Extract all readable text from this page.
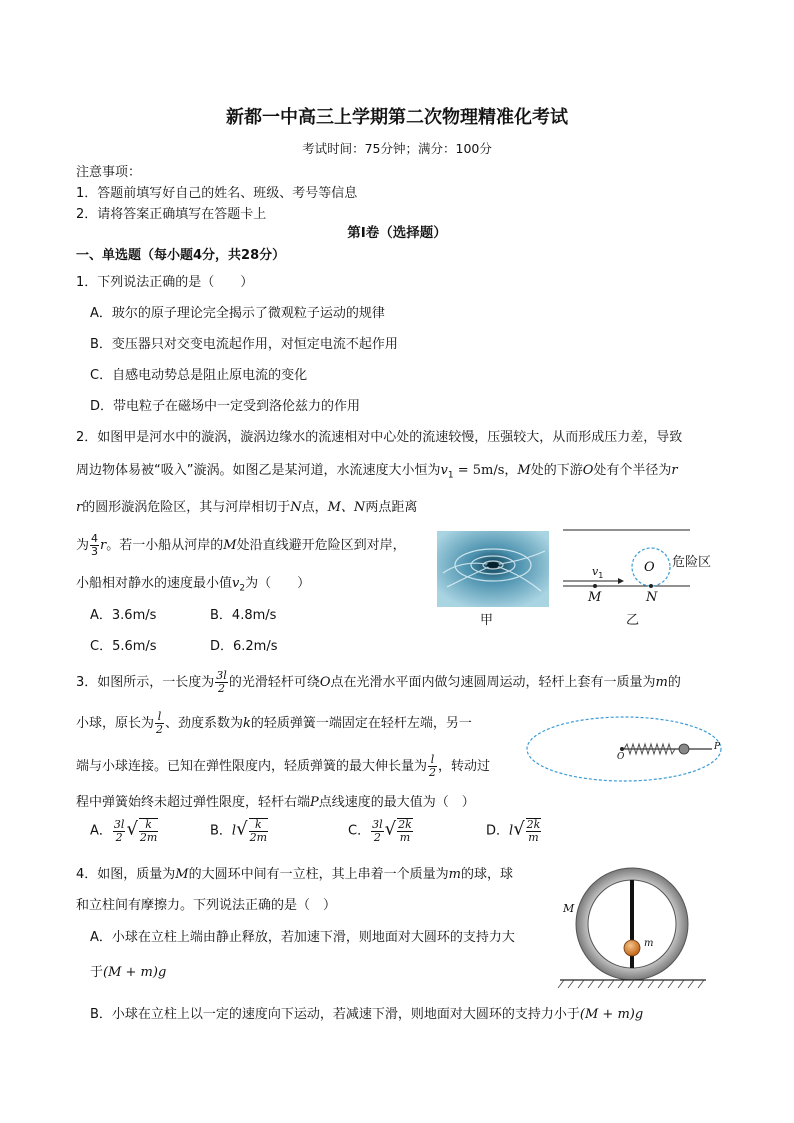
新都一中高三上学期第二次物理精准化考试
考试时间：75分钟；满分：100分
注意事项：
1．答题前填写好自己的姓名、班级、考号等信息
2．请将答案正确填写在答题卡上
第Ⅰ卷（选择题）
一、单选题（每小题4分，共28分）
1．下列说法正确的是（　　）
A．玻尔的原子理论完全揭示了微观粒子运动的规律
B．变压器只对交变电流起作用，对恒定电流不起作用
C．自感电动势总是阻止原电流的变化
D．带电粒子在磁场中一定受到洛伦兹力的作用
2．如图甲是河水中的漩涡，漩涡边缘水的流速相对中心处的流速较慢，压强较大，从而形成压力差，导致
周边物体易被“吸入”漩涡。如图乙是某河道，水流速度大小恒为$v_1 = 5m/s$，M处的下游O处有个半径为r
r的圆形漩涡危险区，其与河岸相切于N点，M、N两点距离
为 $\frac{4}{3}$ r。若一小船从河岸的M处沿直线避开危险区到对岸，
小船相对静水的速度最小值$v_2$为（　　）
A．3.6m/s	B．4.8m/s
C．5.6m/s	D．6.2m/s
甲
O 危险区
$v_1$
M	N
乙
3．如图所示，一长度为 $\frac{3l}{2}$ 的光滑轻杆可绕O点在光滑水平面内做匀速圆周运动，轻杆上套有一质量为m的
小球，原长为 $\frac{l}{2}$ 、劲度系数为k的轻质弹簧一端固定在轻杆左端，另一
端与小球连接。已知在弹性限度内，轻质弹簧的最大伸长量为 $\frac{l}{2}$ ，转动过
程中弹簧始终未超过弹性限度，轻杆右端P点线速度的最大值为（　）
A． $\frac{3l}{2}$ √ $\frac{k}{2m}$	B．$l√ \frac{k}{2m}$	C． $\frac{3l}{2}$ √ $\frac{2k}{m}$	D．$l√ \frac{2k}{m}$
O
P
4．如图，质量为M的大圆环中间有一立柱，其上串着一个质量为m的球，球
和立柱间有摩擦力。下列说法正确的是（　）
A．小球在立柱上端由静止释放，若加速下滑，则地面对大圆环的支持力大
于(M + m)g
B．小球在立柱上以一定的速度向下运动，若减速下滑，则地面对大圆环的支持力小于(M + m)g
M
m
